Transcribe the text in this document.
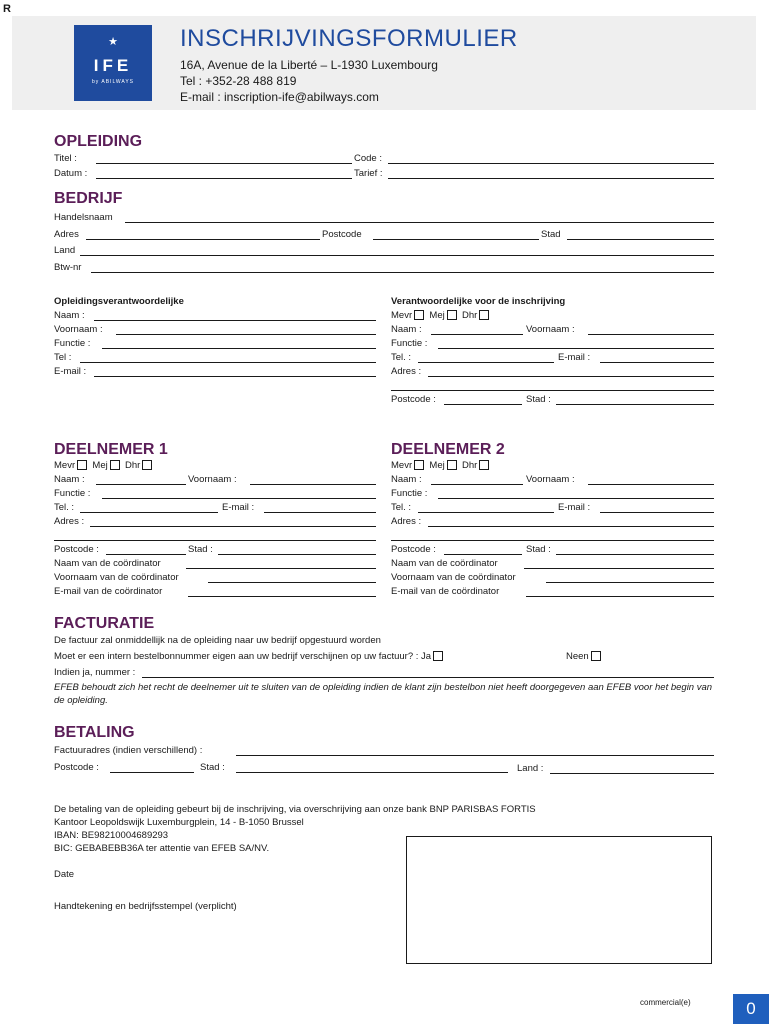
R
★
IFE
by ABILWAYS
INSCHRIJVINGSFORMULIER
16A, Avenue de la Liberté – L-1930 Luxembourg
Tel : +352-28 488 819
E-mail : inscription-ife@abilways.com
OPLEIDING
Titel :	Code :
Datum :	Tarief :
BEDRIJF
Handelsnaam
Adres	Postcode	Stad
Land
Btw-nr
Opleidingsverantwoordelijke
Naam :
Voornaam :
Functie :
Tel :
E-mail :
Verantwoordelijke voor de inschrijving
Mevr Mej Dhr
Naam :	Voornaam :
Functie :
Tel. :	E-mail :
Adres :
Postcode :	Stad :
DEELNEMER 1
Mevr Mej Dhr
Naam :	Voornaam :
Functie :
Tel. :	E-mail :
Adres :
Postcode :	Stad :
Naam van de coördinator
Voornaam van de coördinator
E-mail van de coördinator
DEELNEMER 2
Mevr Mej Dhr
Naam :	Voornaam :
Functie :
Tel. :	E-mail :
Adres :
Postcode :	Stad :
Naam van de coördinator
Voornaam van de coördinator
E-mail van de coördinator
FACTURATIE
De factuur zal onmiddellijk na de opleiding naar uw bedrijf opgestuurd worden
Moet er een intern bestelbonnummer eigen aan uw bedrijf verschijnen op uw factuur? : Ja	Neen
Indien ja, nummer :
EFEB behoudt zich het recht de deelnemer uit te sluiten van de opleiding indien de klant zijn bestelbon niet heeft doorgegeven aan EFEB voor het begin van de opleiding.
BETALING
Factuuradres (indien verschillend) :
Postcode :	Stad :	Land :
De betaling van de opleiding gebeurt bij de inschrijving, via overschrijving aan onze bank BNP PARISBAS FORTIS
Kantoor Leopoldswijk Luxemburgplein, 14 - B-1050 Brussel
IBAN: BE98210004689293
BIC: GEBABEBB36A ter attentie van EFEB SA/NV.
Date
Handtekening en bedrijfsstempel (verplicht)
commercial(e)	0
